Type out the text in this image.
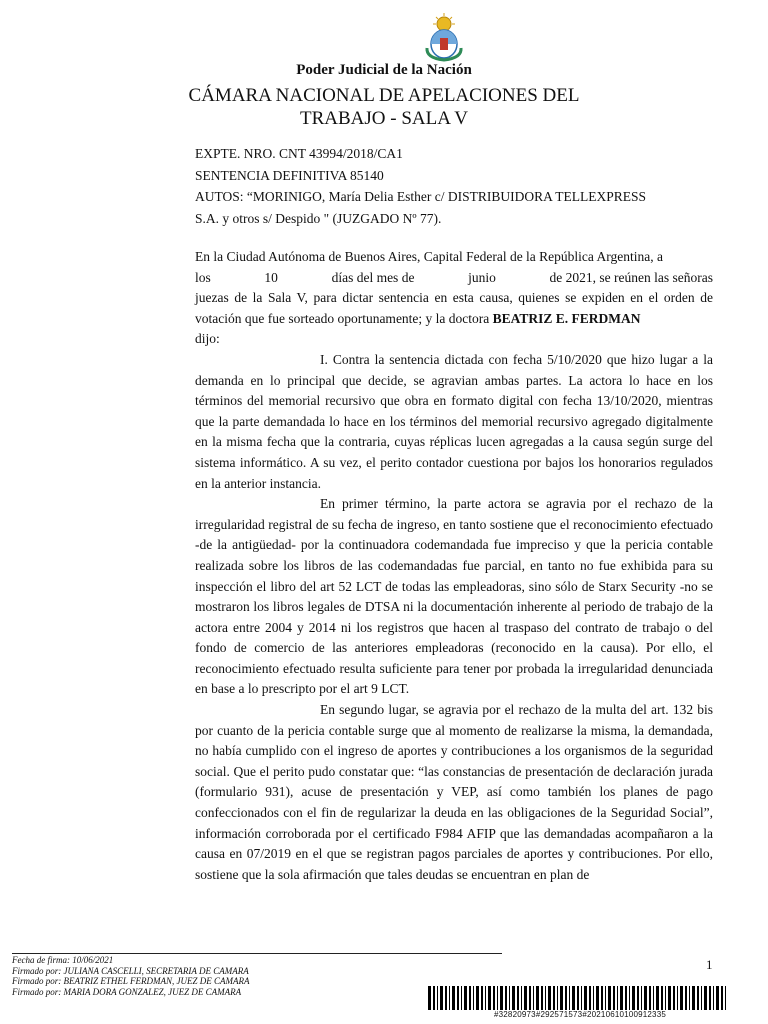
Poder Judicial de la Nación
CÁMARA NACIONAL DE APELACIONES DEL TRABAJO - SALA V
EXPTE. NRO. CNT 43994/2018/CA1
SENTENCIA DEFINITIVA 85140
AUTOS: “MORINIGO, María Delia Esther c/ DISTRIBUIDORA TELLEXPRESS
S.A. y otros s/ Despido " (JUZGADO Nº 77).

En la Ciudad Autónoma de Buenos Aires, Capital Federal de la República Argentina, a

los	10	días del mes de	junio	de 2021, se reúnen las señoras

juezas de la Sala V, para dictar sentencia en esta causa, quienes se expiden en el orden de votación que fue sorteado oportunamente; y la doctora BEATRIZ E. FERDMAN

dijo:

I. Contra la sentencia dictada con fecha 5/10/2020 que hizo lugar a la demanda en lo principal que decide, se agravian ambas partes. La actora lo hace en los términos del memorial recursivo que obra en formato digital con fecha 13/10/2020, mientras que la parte demandada lo hace en los términos del memorial recursivo agregado digitalmente en la misma fecha que la contraria, cuyas réplicas lucen agregadas a la causa según surge del sistema informático. A su vez, el perito contador cuestiona por bajos los honorarios regulados en la anterior instancia.

En primer término, la parte actora se agravia por el rechazo de la irregularidad registral de su fecha de ingreso, en tanto sostiene que el reconocimiento efectuado -de la antigüedad- por la continuadora codemandada fue impreciso y que la pericia contable realizada sobre los libros de las codemandadas fue parcial, en tanto no fue exhibida para su inspección el libro del art 52 LCT de todas las empleadoras, sino sólo de Starx Security -no se mostraron los libros legales de DTSA ni la documentación inherente al periodo de trabajo de la actora entre 2004 y 2014 ni los registros que hacen al traspaso del contrato de trabajo o del fondo de comercio de las anteriores empleadoras (reconocido en la causa). Por ello, el reconocimiento efectuado resulta suficiente para tener por probada la irregularidad denunciada en base a lo prescripto por el art 9 LCT.

En segundo lugar, se agravia por el rechazo de la multa del art. 132 bis por cuanto de la pericia contable surge que al momento de realizarse la misma, la demandada, no había cumplido con el ingreso de aportes y contribuciones a los organismos de la seguridad social. Que el perito pudo constatar que: “las constancias de presentación de declaración jurada (formulario 931), acuse de presentación y VEP, así como también los planes de pago confeccionados con el fin de regularizar la deuda en las obligaciones de la Seguridad Social”, información corroborada por el certificado F984 AFIP que las demandadas acompañaron a la causa en 07/2019 en el que se registran pagos parciales de aportes y contribuciones. Por ello, sostiene que la sola afirmación que tales deudas se encuentran en plan de

Fecha de firma: 10/06/2021
Firmado por: JULIANA CASCELLI, SECRETARIA DE CAMARA
Firmado por: BEATRIZ ETHEL FERDMAN, JUEZ DE CAMARA
Firmado por: MARIA DORA GONZALEZ, JUEZ DE CAMARA
1
#32820973#292571573#20210610100912335
